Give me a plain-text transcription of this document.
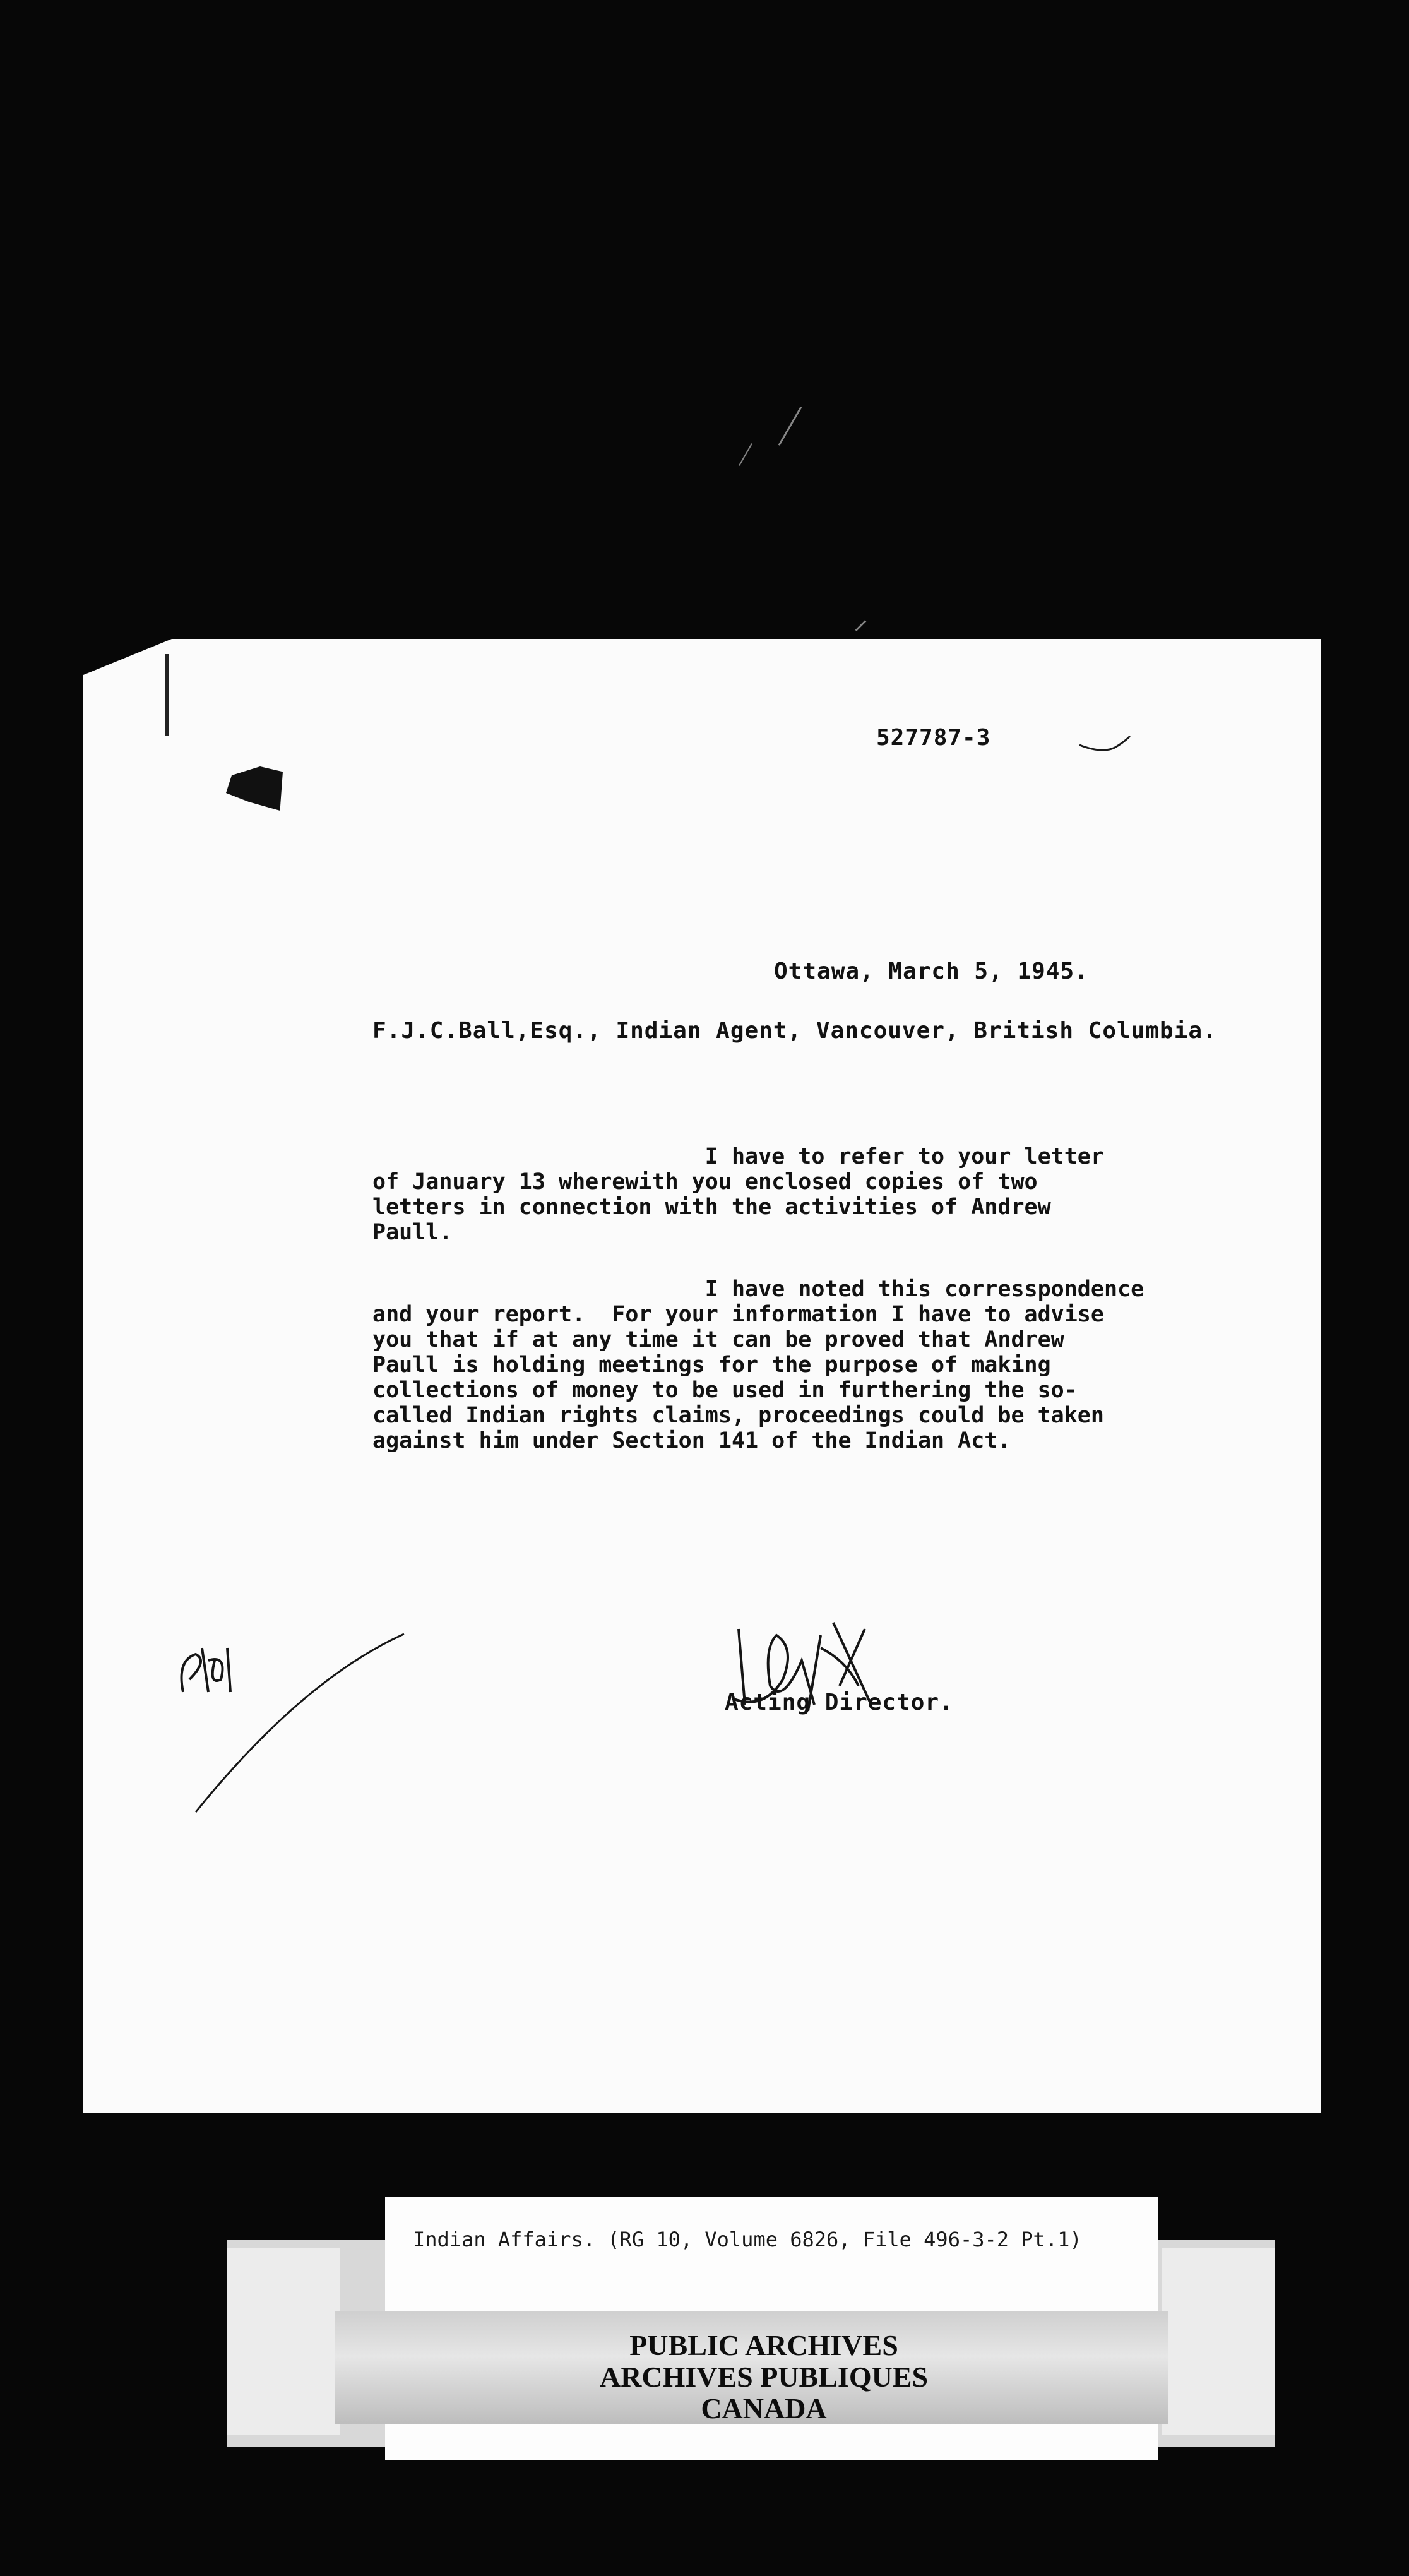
527787-3
Ottawa, March 5, 1945.
F.J.C.Ball,Esq., Indian Agent, Vancouver, British Columbia.
I have to refer to your letter
of January 13 wherewith you enclosed copies of two
letters in connection with the activities of Andrew
Paull.
I have noted this corresspondence
and your report.  For your information I have to advise
you that if at any time it can be proved that Andrew
Paull is holding meetings for the purpose of making
collections of money to be used in furthering the so-
called Indian rights claims, proceedings could be taken
against him under Section 141 of the Indian Act.
Acting Director.
Indian Affairs. (RG 10, Volume 6826, File 496-3-2 Pt.1)
PUBLIC ARCHIVES
ARCHIVES PUBLIQUES
CANADA
